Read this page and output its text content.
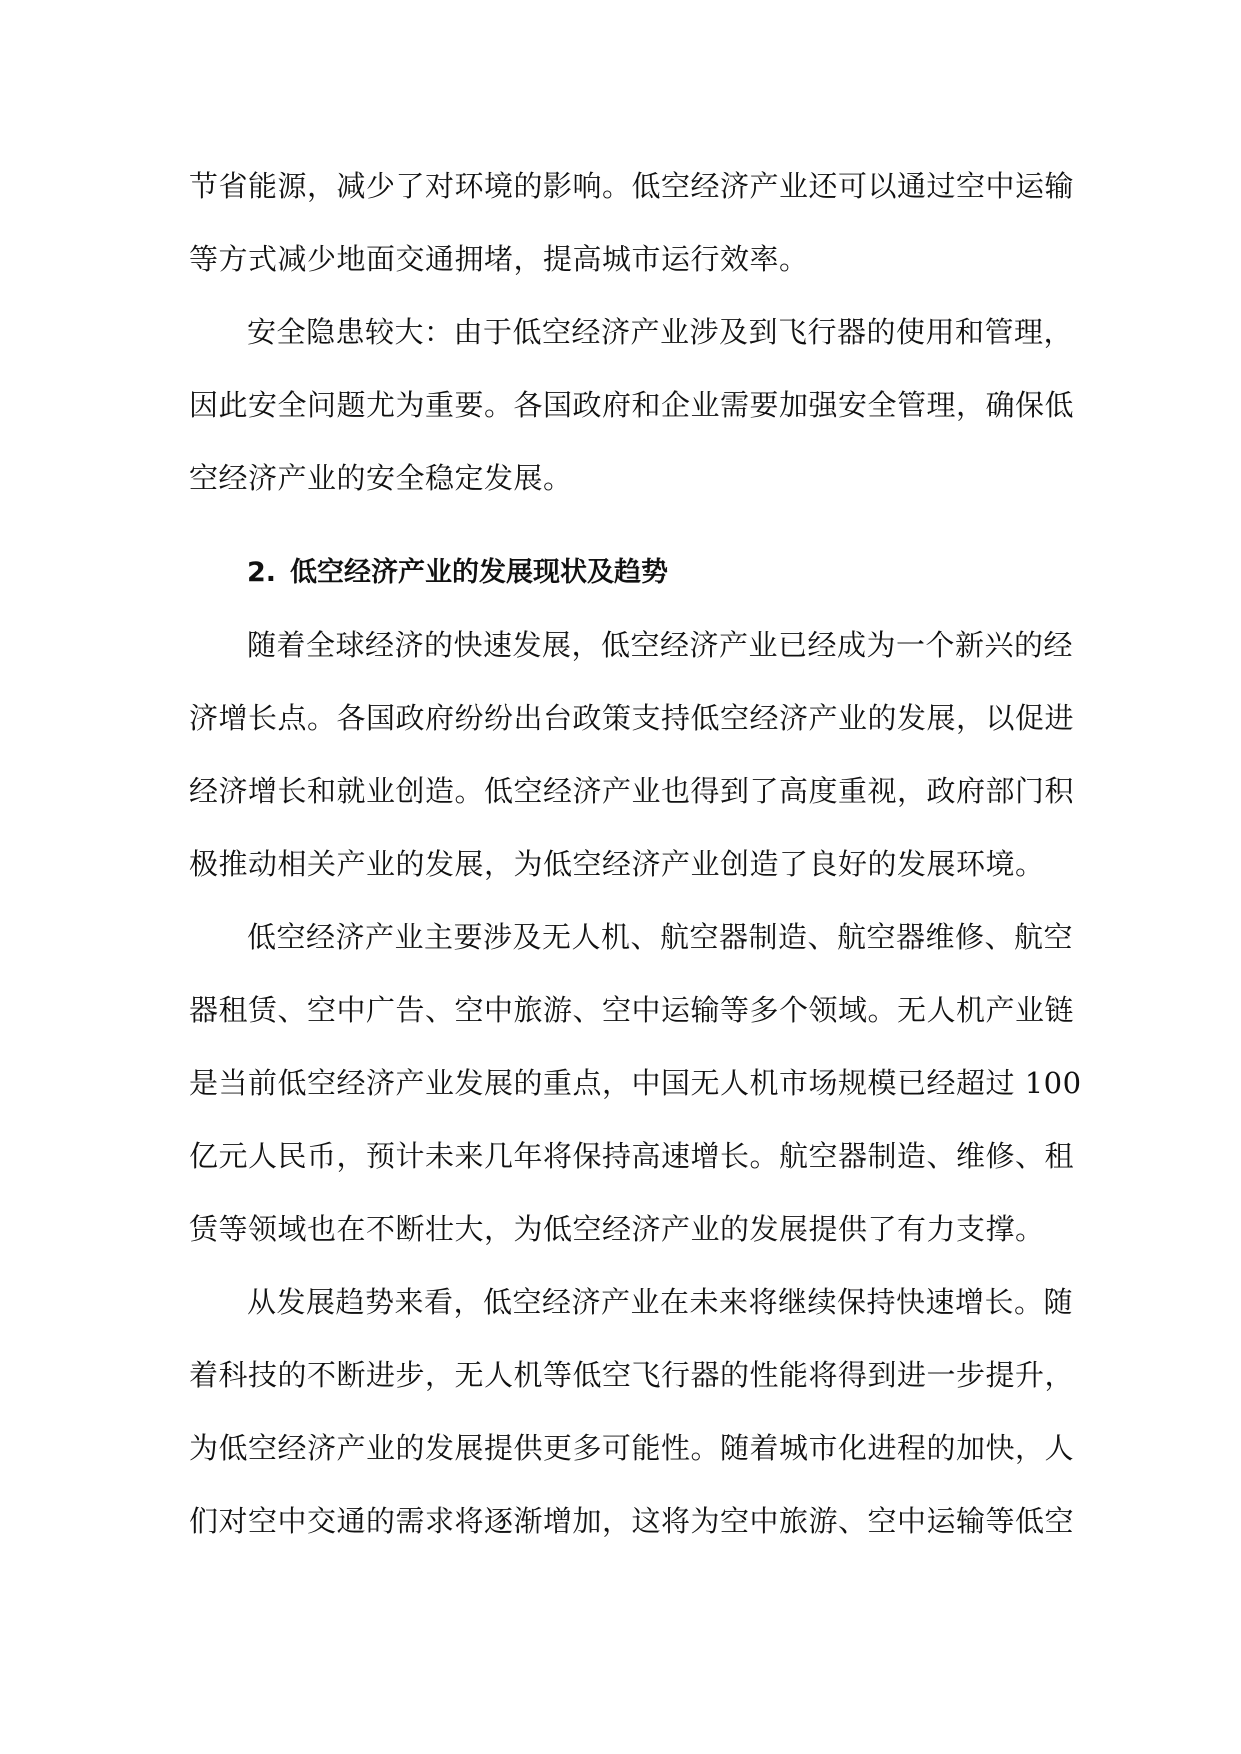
节省能源，减少了对环境的影响。低空经济产业还可以通过空中运输
等方式减少地面交通拥堵，提高城市运行效率。
安全隐患较大：由于低空经济产业涉及到飞行器的使用和管理，
因此安全问题尤为重要。各国政府和企业需要加强安全管理，确保低
空经济产业的安全稳定发展。
2. 低空经济产业的发展现状及趋势
随着全球经济的快速发展，低空经济产业已经成为一个新兴的经
济增长点。各国政府纷纷出台政策支持低空经济产业的发展，以促进
经济增长和就业创造。低空经济产业也得到了高度重视，政府部门积
极推动相关产业的发展，为低空经济产业创造了良好的发展环境。
低空经济产业主要涉及无人机、航空器制造、航空器维修、航空
器租赁、空中广告、空中旅游、空中运输等多个领域。无人机产业链
是当前低空经济产业发展的重点，中国无人机市场规模已经超过 100
亿元人民币，预计未来几年将保持高速增长。航空器制造、维修、租
赁等领域也在不断壮大，为低空经济产业的发展提供了有力支撑。
从发展趋势来看，低空经济产业在未来将继续保持快速增长。随
着科技的不断进步，无人机等低空飞行器的性能将得到进一步提升，
为低空经济产业的发展提供更多可能性。随着城市化进程的加快，人
们对空中交通的需求将逐渐增加，这将为空中旅游、空中运输等低空
